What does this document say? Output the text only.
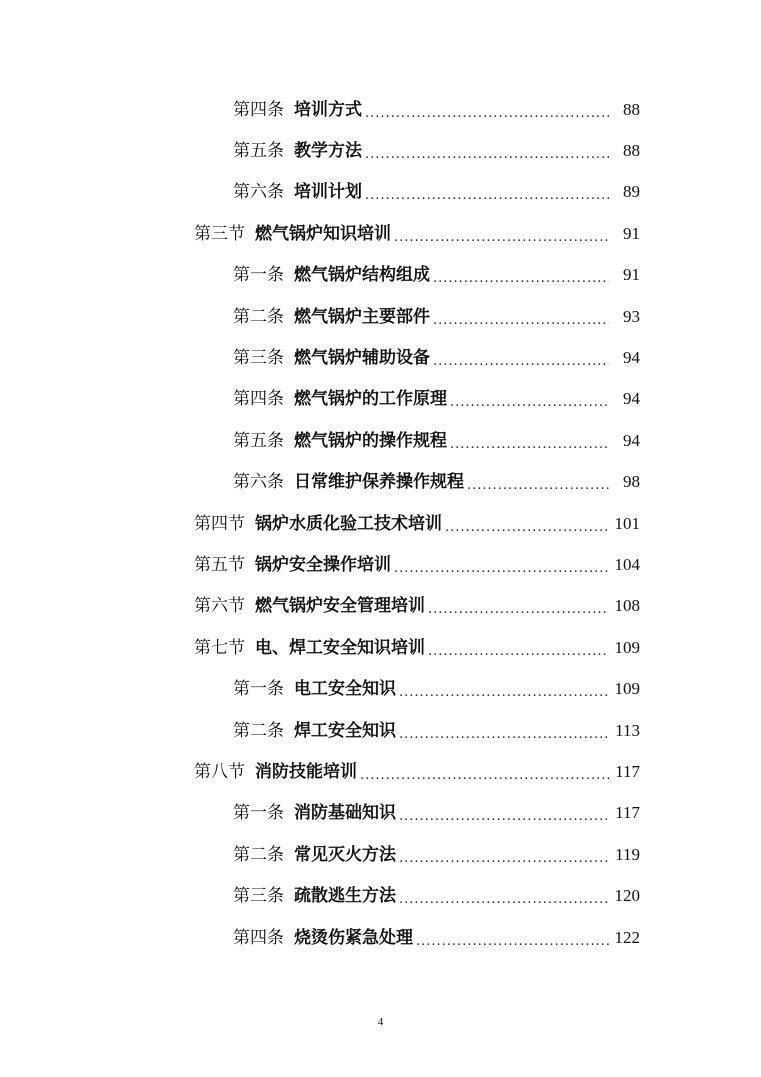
第四条 培训方式 .....	88
第五条 教学方法 .....	88
第六条 培训计划 .....	89
第三节 燃气锅炉知识培训 .....	91
第一条 燃气锅炉结构组成 .....	91
第二条 燃气锅炉主要部件 .....	93
第三条 燃气锅炉辅助设备 .....	94
第四条 燃气锅炉的工作原理 .....	94
第五条 燃气锅炉的操作规程 .....	94
第六条 日常维护保养操作规程 .....	98
第四节 锅炉水质化验工技术培训 .....	101
第五节 锅炉安全操作培训 .....	104
第六节 燃气锅炉安全管理培训 .....	108
第七节 电、焊工安全知识培训 .....	109
第一条 电工安全知识 .....	109
第二条 焊工安全知识 .....	113
第八节 消防技能培训 .....	117
第一条 消防基础知识 .....	117
第二条 常见灭火方法 .....	119
第三条 疏散逃生方法 .....	120
第四条 烧烫伤紧急处理 .....	122
4
